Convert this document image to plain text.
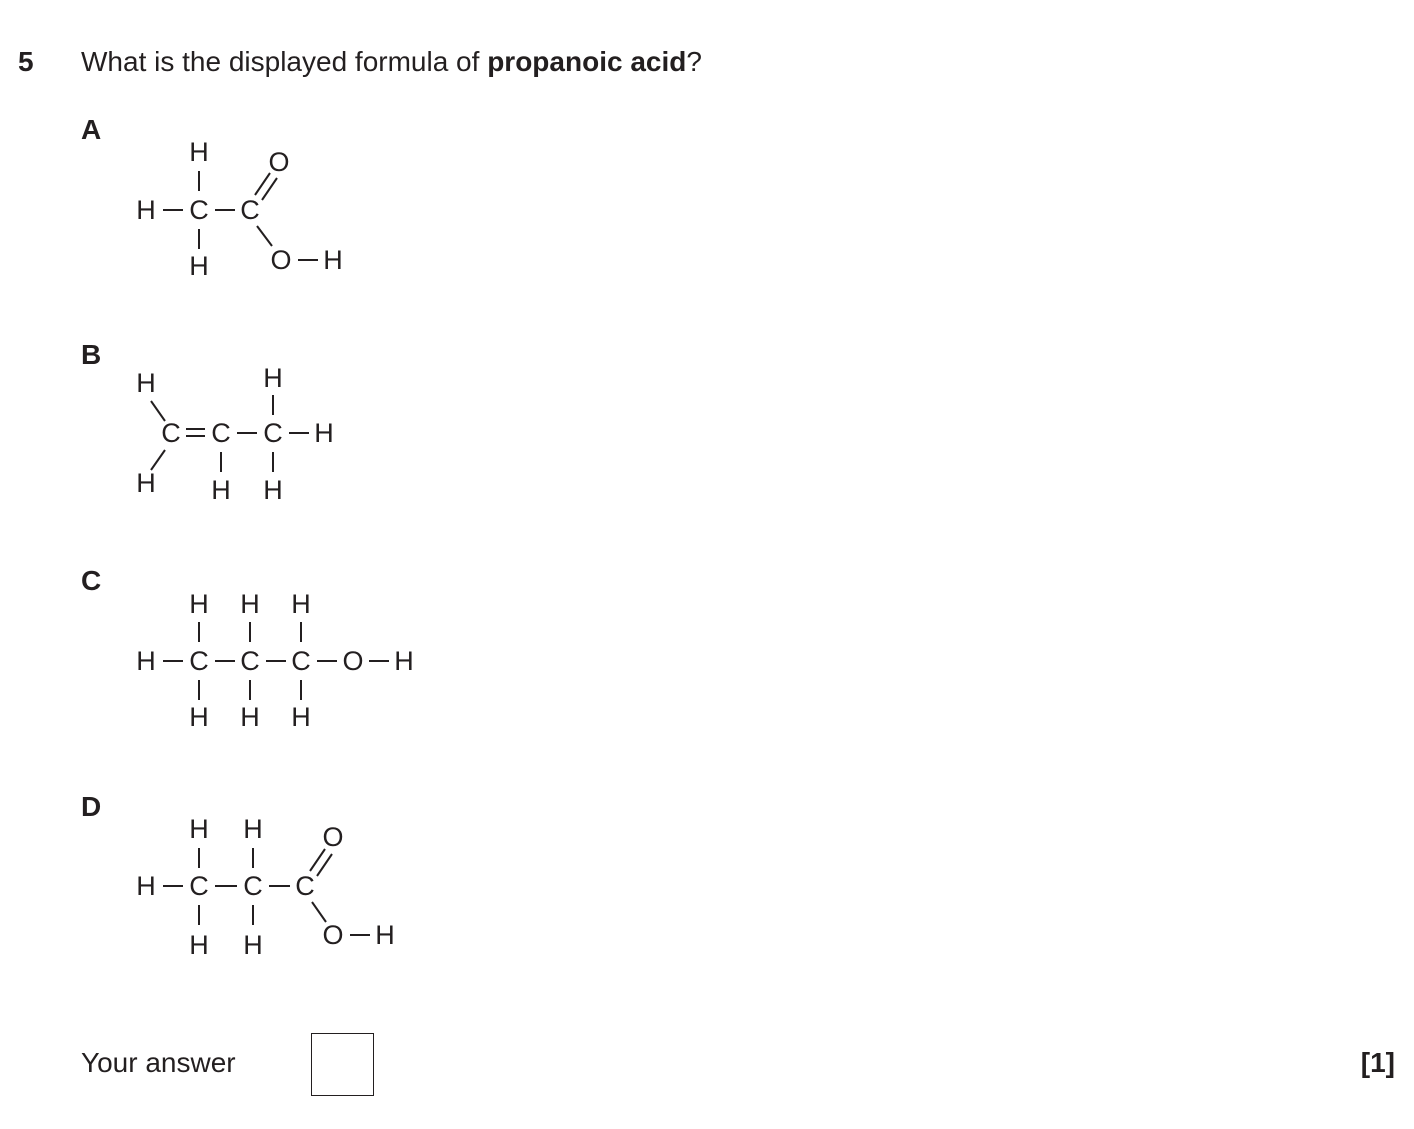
5 What is the displayed formula of propanoic acid?
A
B
C
D
H
H C C
H
O
O H
H
C C C H
H
H H H
H H H
H C C C O H
H H H
H H
H C C C
O
O H
H H
Your answer	[1]
